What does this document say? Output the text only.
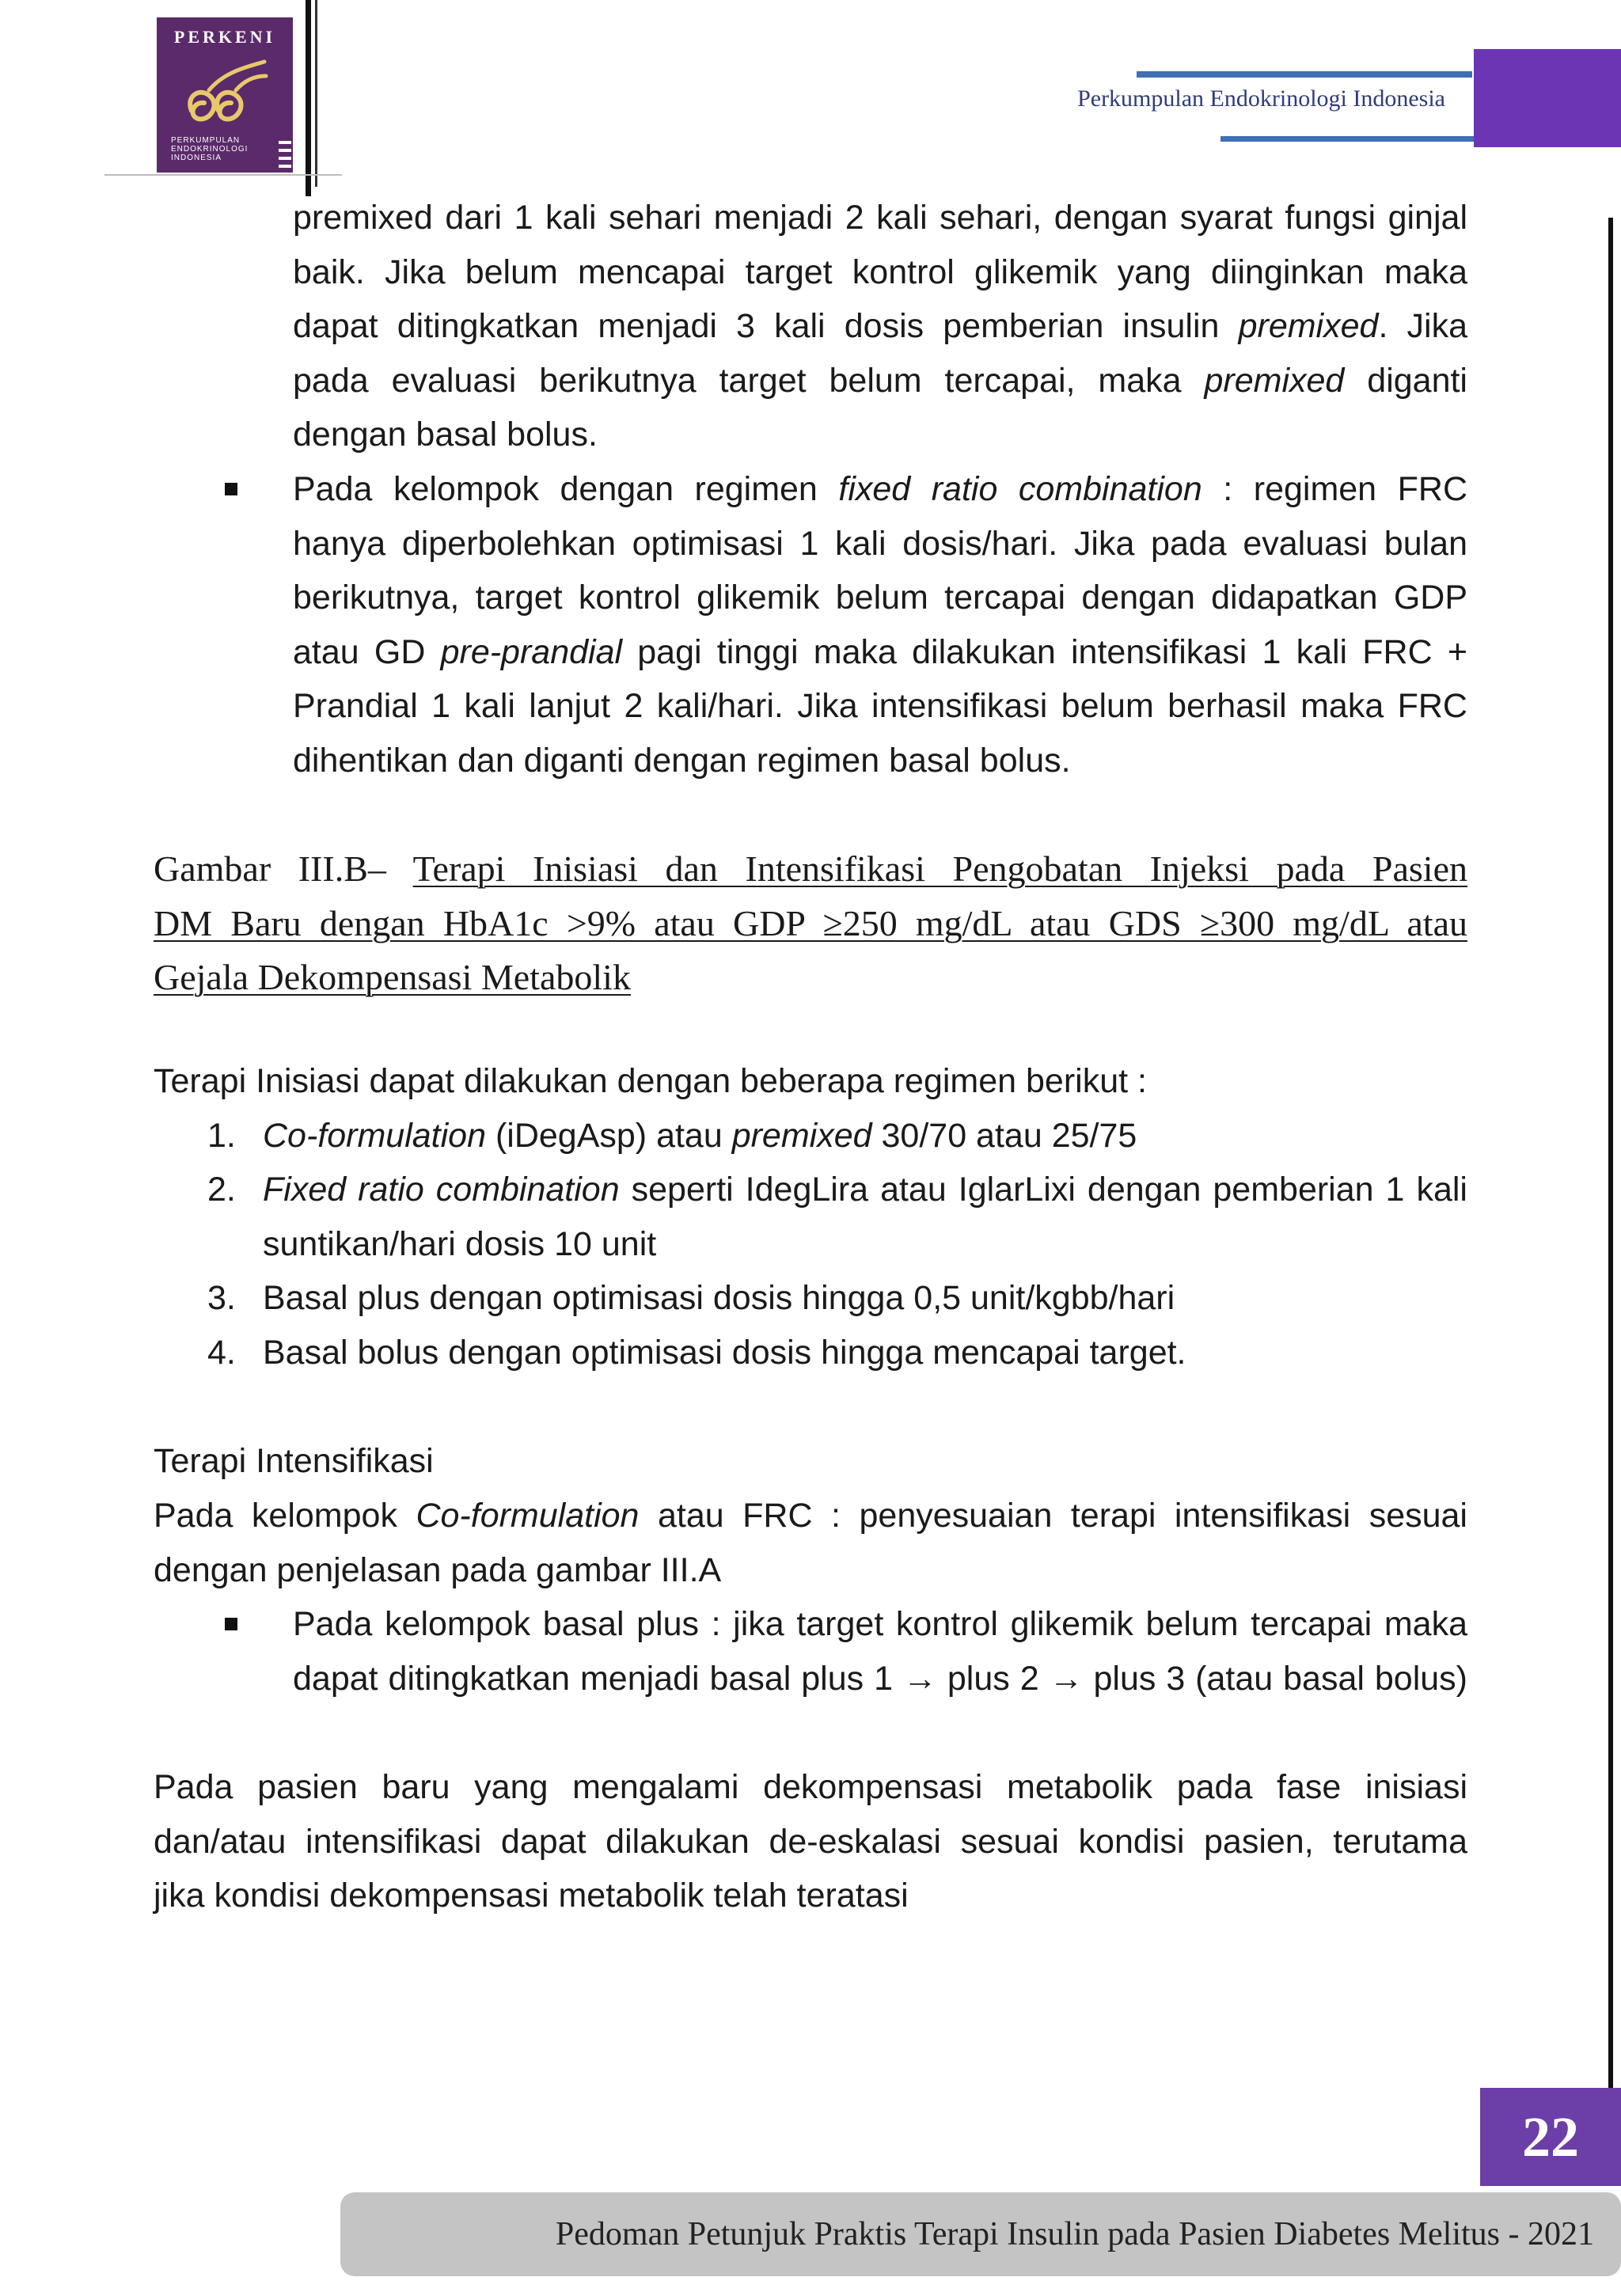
PERKENI
PERKUMPULAN
ENDOKRINOLOGI
INDONESIA
Perkumpulan Endokrinologi Indonesia
premixed dari 1 kali sehari menjadi 2 kali sehari, dengan syarat fungsi ginjal
baik. Jika belum mencapai target kontrol glikemik yang diinginkan maka
dapat ditingkatkan menjadi 3 kali dosis pemberian insulin premixed. Jika
pada evaluasi berikutnya target belum tercapai, maka premixed diganti
dengan basal bolus.
Pada kelompok dengan regimen fixed ratio combination : regimen FRC
hanya diperbolehkan optimisasi 1 kali dosis/hari. Jika pada evaluasi bulan
berikutnya, target kontrol glikemik belum tercapai dengan didapatkan GDP
atau GD pre-prandial pagi tinggi maka dilakukan intensifikasi 1 kali FRC +
Prandial 1 kali lanjut 2 kali/hari. Jika intensifikasi belum berhasil maka FRC
dihentikan dan diganti dengan regimen basal bolus.
Gambar III.B– Terapi Inisiasi dan Intensifikasi Pengobatan Injeksi pada Pasien
DM Baru dengan HbA1c >9% atau GDP ≥250 mg/dL atau GDS ≥300 mg/dL atau
Gejala Dekompensasi Metabolik
Terapi Inisiasi dapat dilakukan dengan beberapa regimen berikut :
1. Co-formulation (iDegAsp) atau premixed 30/70 atau 25/75
2. Fixed ratio combination seperti IdegLira atau IglarLixi dengan pemberian 1 kali
suntikan/hari dosis 10 unit
3. Basal plus dengan optimisasi dosis hingga 0,5 unit/kgbb/hari
4. Basal bolus dengan optimisasi dosis hingga mencapai target.
Terapi Intensifikasi
Pada kelompok Co-formulation atau FRC : penyesuaian terapi intensifikasi sesuai
dengan penjelasan pada gambar III.A
Pada kelompok basal plus : jika target kontrol glikemik belum tercapai maka
dapat ditingkatkan menjadi basal plus 1 → plus 2 → plus 3 (atau basal bolus)
Pada pasien baru yang mengalami dekompensasi metabolik pada fase inisiasi
dan/atau intensifikasi dapat dilakukan de-eskalasi sesuai kondisi pasien, terutama
jika kondisi dekompensasi metabolik telah teratasi
22
Pedoman Petunjuk Praktis Terapi Insulin pada Pasien Diabetes Melitus - 2021
